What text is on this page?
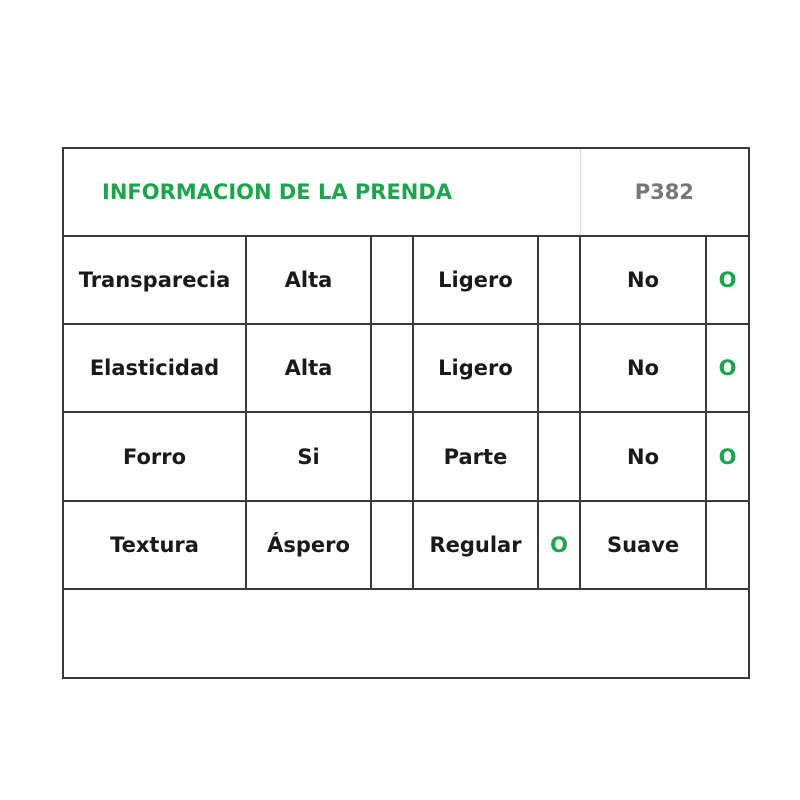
INFORMACION DE LA PRENDA					P382	
Transparecia	Alta		Ligero		No	O
Elasticidad	Alta		Ligero		No	O
Forro	Si		Parte		No	O
Textura	Áspero		Regular	O	Suave	
